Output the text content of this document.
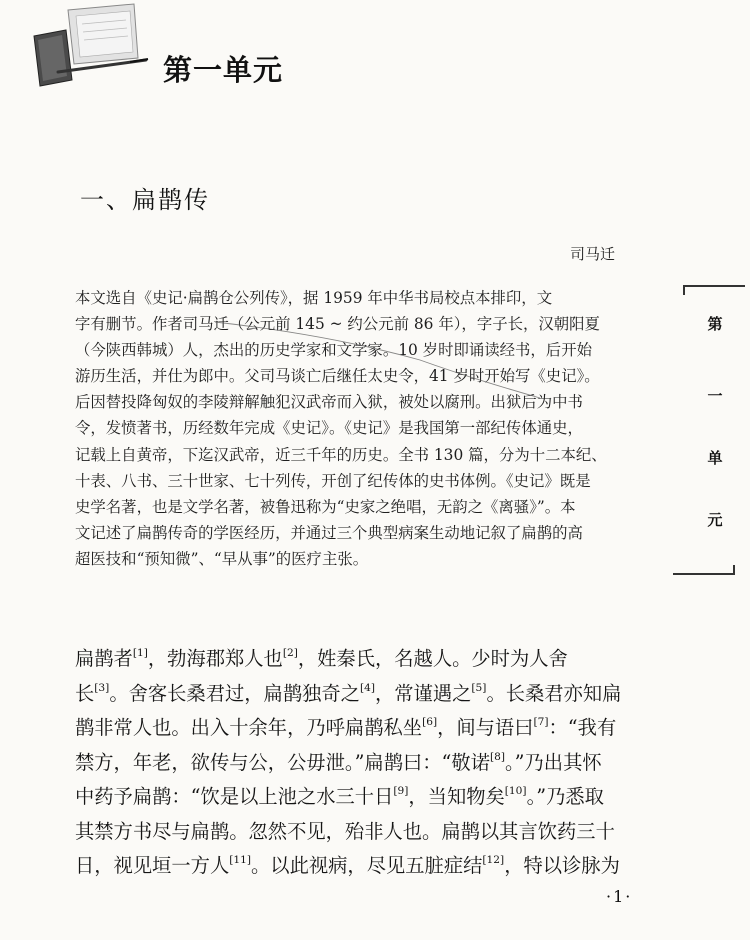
第一单元
一、扁鹊传
司马迁
本文选自《史记·扁鹊仓公列传》，据 1959 年中华书局校点本排印，文
字有删节。作者司马迁（公元前 145 ~ 约公元前 86 年），字子长，汉朝阳夏
（今陕西韩城）人，杰出的历史学家和文学家。10 岁时即诵读经书，后开始
游历生活，并仕为郎中。父司马谈亡后继任太史令，41 岁时开始写《史记》。
后因替投降匈奴的李陵辩解触犯汉武帝而入狱，被处以腐刑。出狱后为中书
令，发愤著书，历经数年完成《史记》。《史记》是我国第一部纪传体通史，
记载上自黄帝，下迄汉武帝，近三千年的历史。全书 130 篇，分为十二本纪、
十表、八书、三十世家、七十列传，开创了纪传体的史书体例。《史记》既是
史学名著，也是文学名著，被鲁迅称为“史家之绝唱，无韵之《离骚》”。本
文记述了扁鹊传奇的学医经历，并通过三个典型病案生动地记叙了扁鹊的高
超医技和“预知微”、“早从事”的医疗主张。
扁鹊者[1]，勃海郡郑人也[2]，姓秦氏，名越人。少时为人舍
长[3]。舍客长桑君过，扁鹊独奇之[4]，常谨遇之[5]。长桑君亦知扁
鹊非常人也。出入十余年，乃呼扁鹊私坐[6]，间与语曰[7]：“我有
禁方，年老，欲传与公，公毋泄。”扁鹊曰：“敬诺[8]。”乃出其怀
中药予扁鹊：“饮是以上池之水三十日[9]，当知物矣[10]。”乃悉取
其禁方书尽与扁鹊。忽然不见，殆非人也。扁鹊以其言饮药三十
日，视见垣一方人[11]。以此视病，尽见五脏症结[12]，特以诊脉为
第
一
单
元
·1·
